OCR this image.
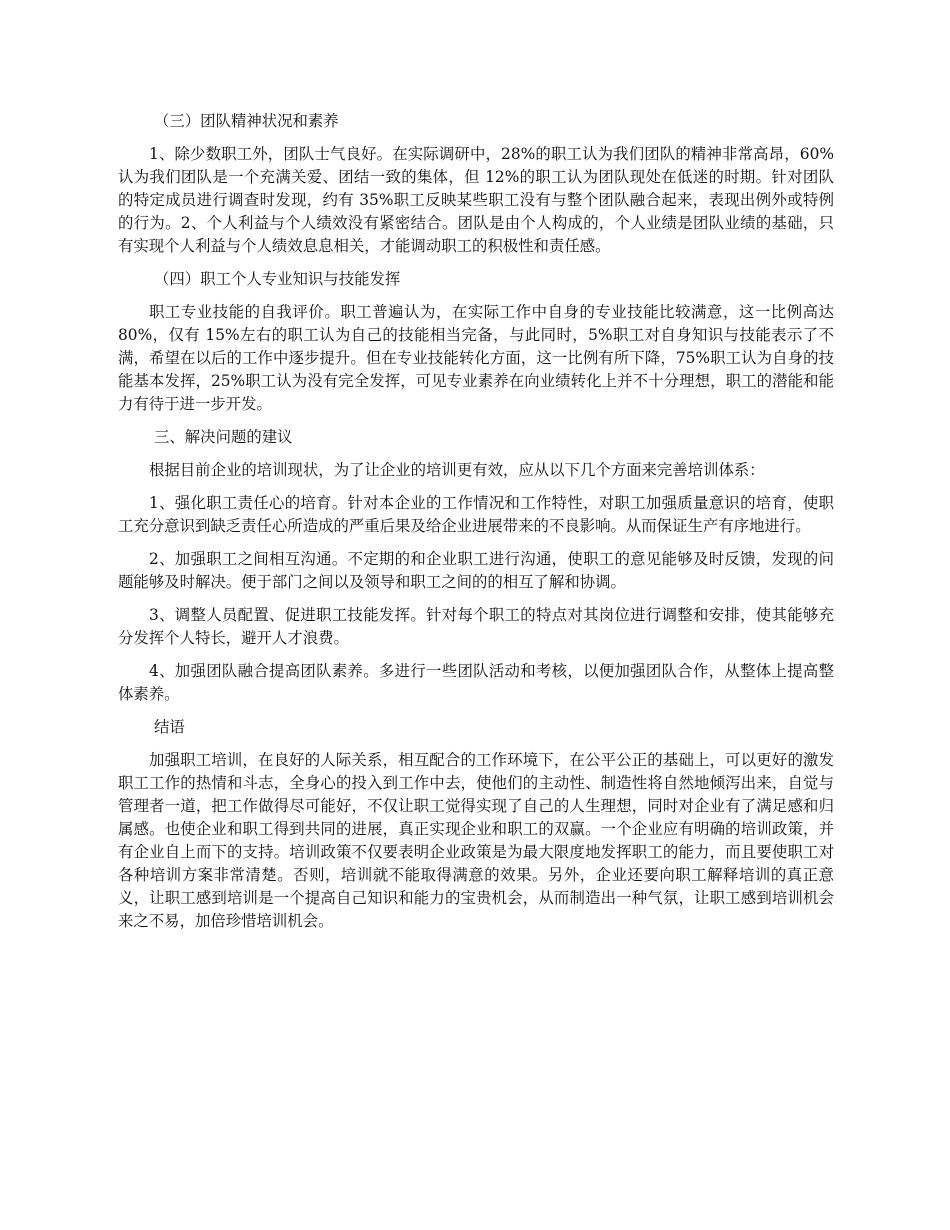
（三）团队精神状况和素养

1、除少数职工外，团队士气良好。在实际调研中，28%的职工认为我们团队的精神非常高昂，60%认为我们团队是一个充满关爱、团结一致的集体，但 12%的职工认为团队现处在低迷的时期。针对团队的特定成员进行调查时发现，约有 35%职工反映某些职工没有与整个团队融合起来，表现出例外或特例的行为。2、个人利益与个人绩效没有紧密结合。团队是由个人构成的，个人业绩是团队业绩的基础，只有实现个人利益与个人绩效息息相关，才能调动职工的积极性和责任感。

（四）职工个人专业知识与技能发挥

职工专业技能的自我评价。职工普遍认为，在实际工作中自身的专业技能比较满意，这一比例高达 80%，仅有 15%左右的职工认为自己的技能相当完备，与此同时，5%职工对自身知识与技能表示了不满，希望在以后的工作中逐步提升。但在专业技能转化方面，这一比例有所下降，75%职工认为自身的技能基本发挥，25%职工认为没有完全发挥，可见专业素养在向业绩转化上并不十分理想，职工的潜能和能力有待于进一步开发。

三、解决问题的建议

根据目前企业的培训现状，为了让企业的培训更有效，应从以下几个方面来完善培训体系：

1、强化职工责任心的培育。针对本企业的工作情况和工作特性，对职工加强质量意识的培育，使职工充分意识到缺乏责任心所造成的严重后果及给企业进展带来的不良影响。从而保证生产有序地进行。

2、加强职工之间相互沟通。不定期的和企业职工进行沟通，使职工的意见能够及时反馈，发现的问题能够及时解决。便于部门之间以及领导和职工之间的的相互了解和协调。

3、调整人员配置、促进职工技能发挥。针对每个职工的特点对其岗位进行调整和安排，使其能够充分发挥个人特长，避开人才浪费。

4、加强团队融合提高团队素养。多进行一些团队活动和考核，以便加强团队合作，从整体上提高整体素养。

结语

加强职工培训，在良好的人际关系，相互配合的工作环境下，在公平公正的基础上，可以更好的激发职工工作的热情和斗志，全身心的投入到工作中去，使他们的主动性、制造性将自然地倾泻出来，自觉与管理者一道，把工作做得尽可能好，不仅让职工觉得实现了自己的人生理想，同时对企业有了满足感和归属感。也使企业和职工得到共同的进展，真正实现企业和职工的双赢。一个企业应有明确的培训政策，并有企业自上而下的支持。培训政策不仅要表明企业政策是为最大限度地发挥职工的能力，而且要使职工对各种培训方案非常清楚。否则，培训就不能取得满意的效果。另外，企业还要向职工解释培训的真正意义，让职工感到培训是一个提高自己知识和能力的宝贵机会，从而制造出一种气氛，让职工感到培训机会来之不易，加倍珍惜培训机会。
